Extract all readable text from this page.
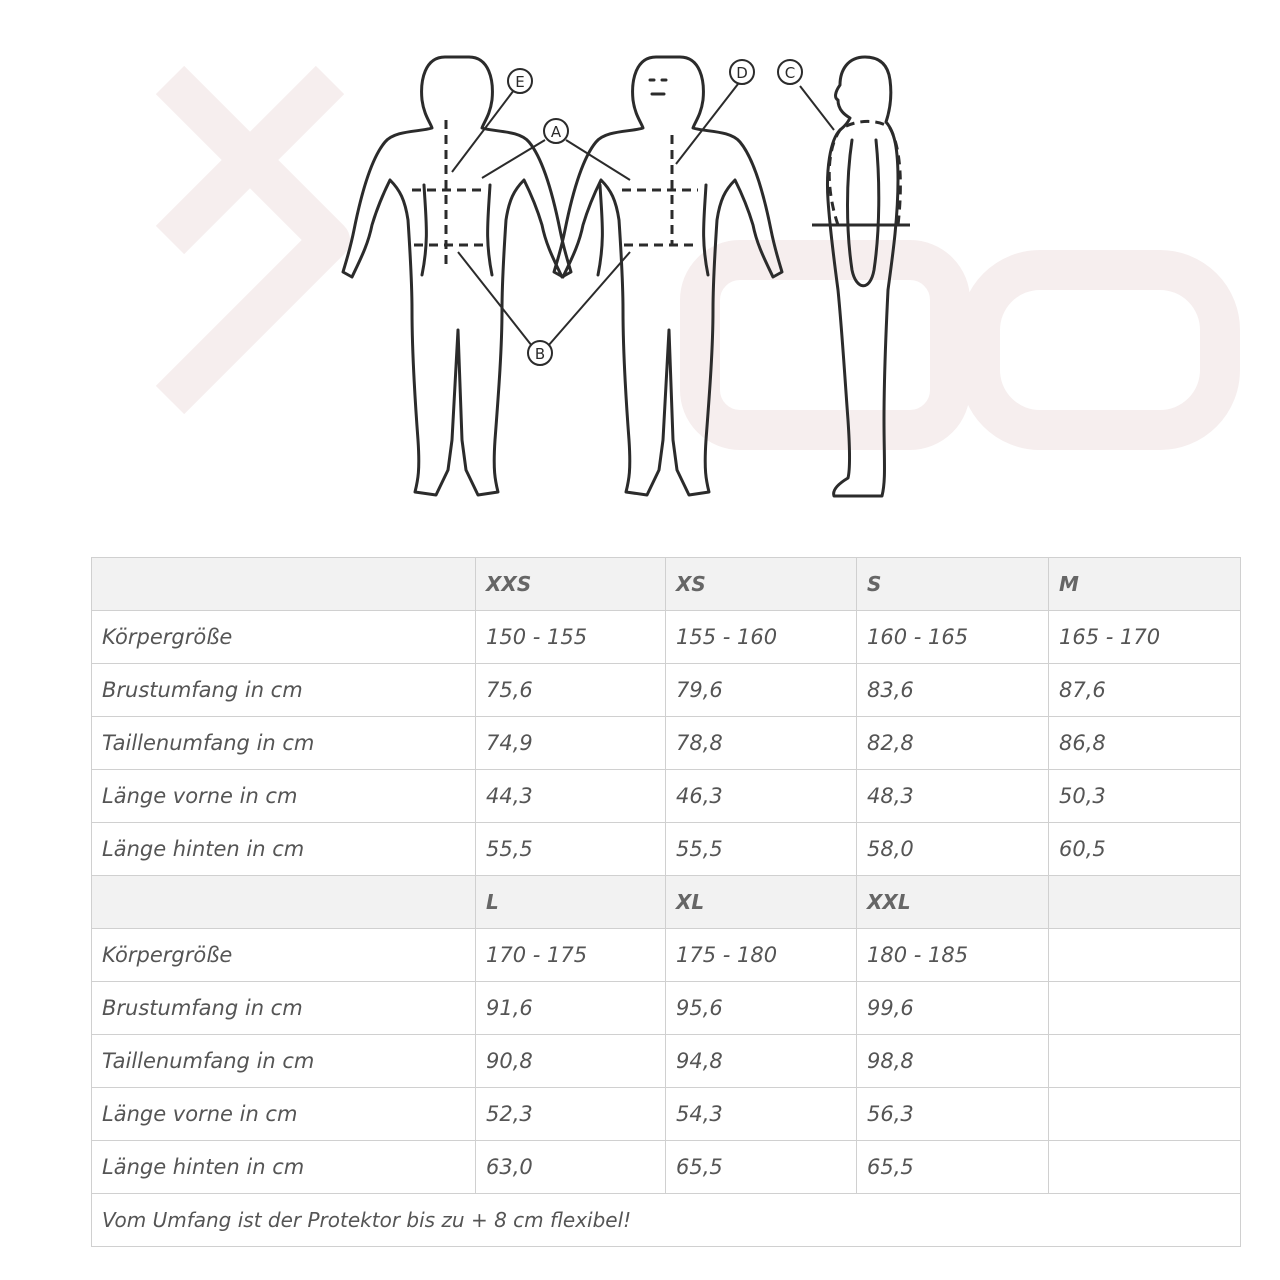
E
A
D C
B
	XXS	XS	S	M
Körpergröße	150 - 155	155 - 160	160 - 165	165 - 170
Brustumfang in cm	75,6	79,6	83,6	87,6
Taillenumfang in cm	74,9	78,8	82,8	86,8
Länge vorne in cm	44,3	46,3	48,3	50,3
Länge hinten in cm	55,5	55,5	58,0	60,5
	L	XL	XXL	
Körpergröße	170 - 175	175 - 180	180 - 185	
Brustumfang in cm	91,6	95,6	99,6	
Taillenumfang in cm	90,8	94,8	98,8	
Länge vorne in cm	52,3	54,3	56,3	
Länge hinten in cm	63,0	65,5	65,5	
Vom Umfang ist der Protektor bis zu + 8 cm flexibel!				
